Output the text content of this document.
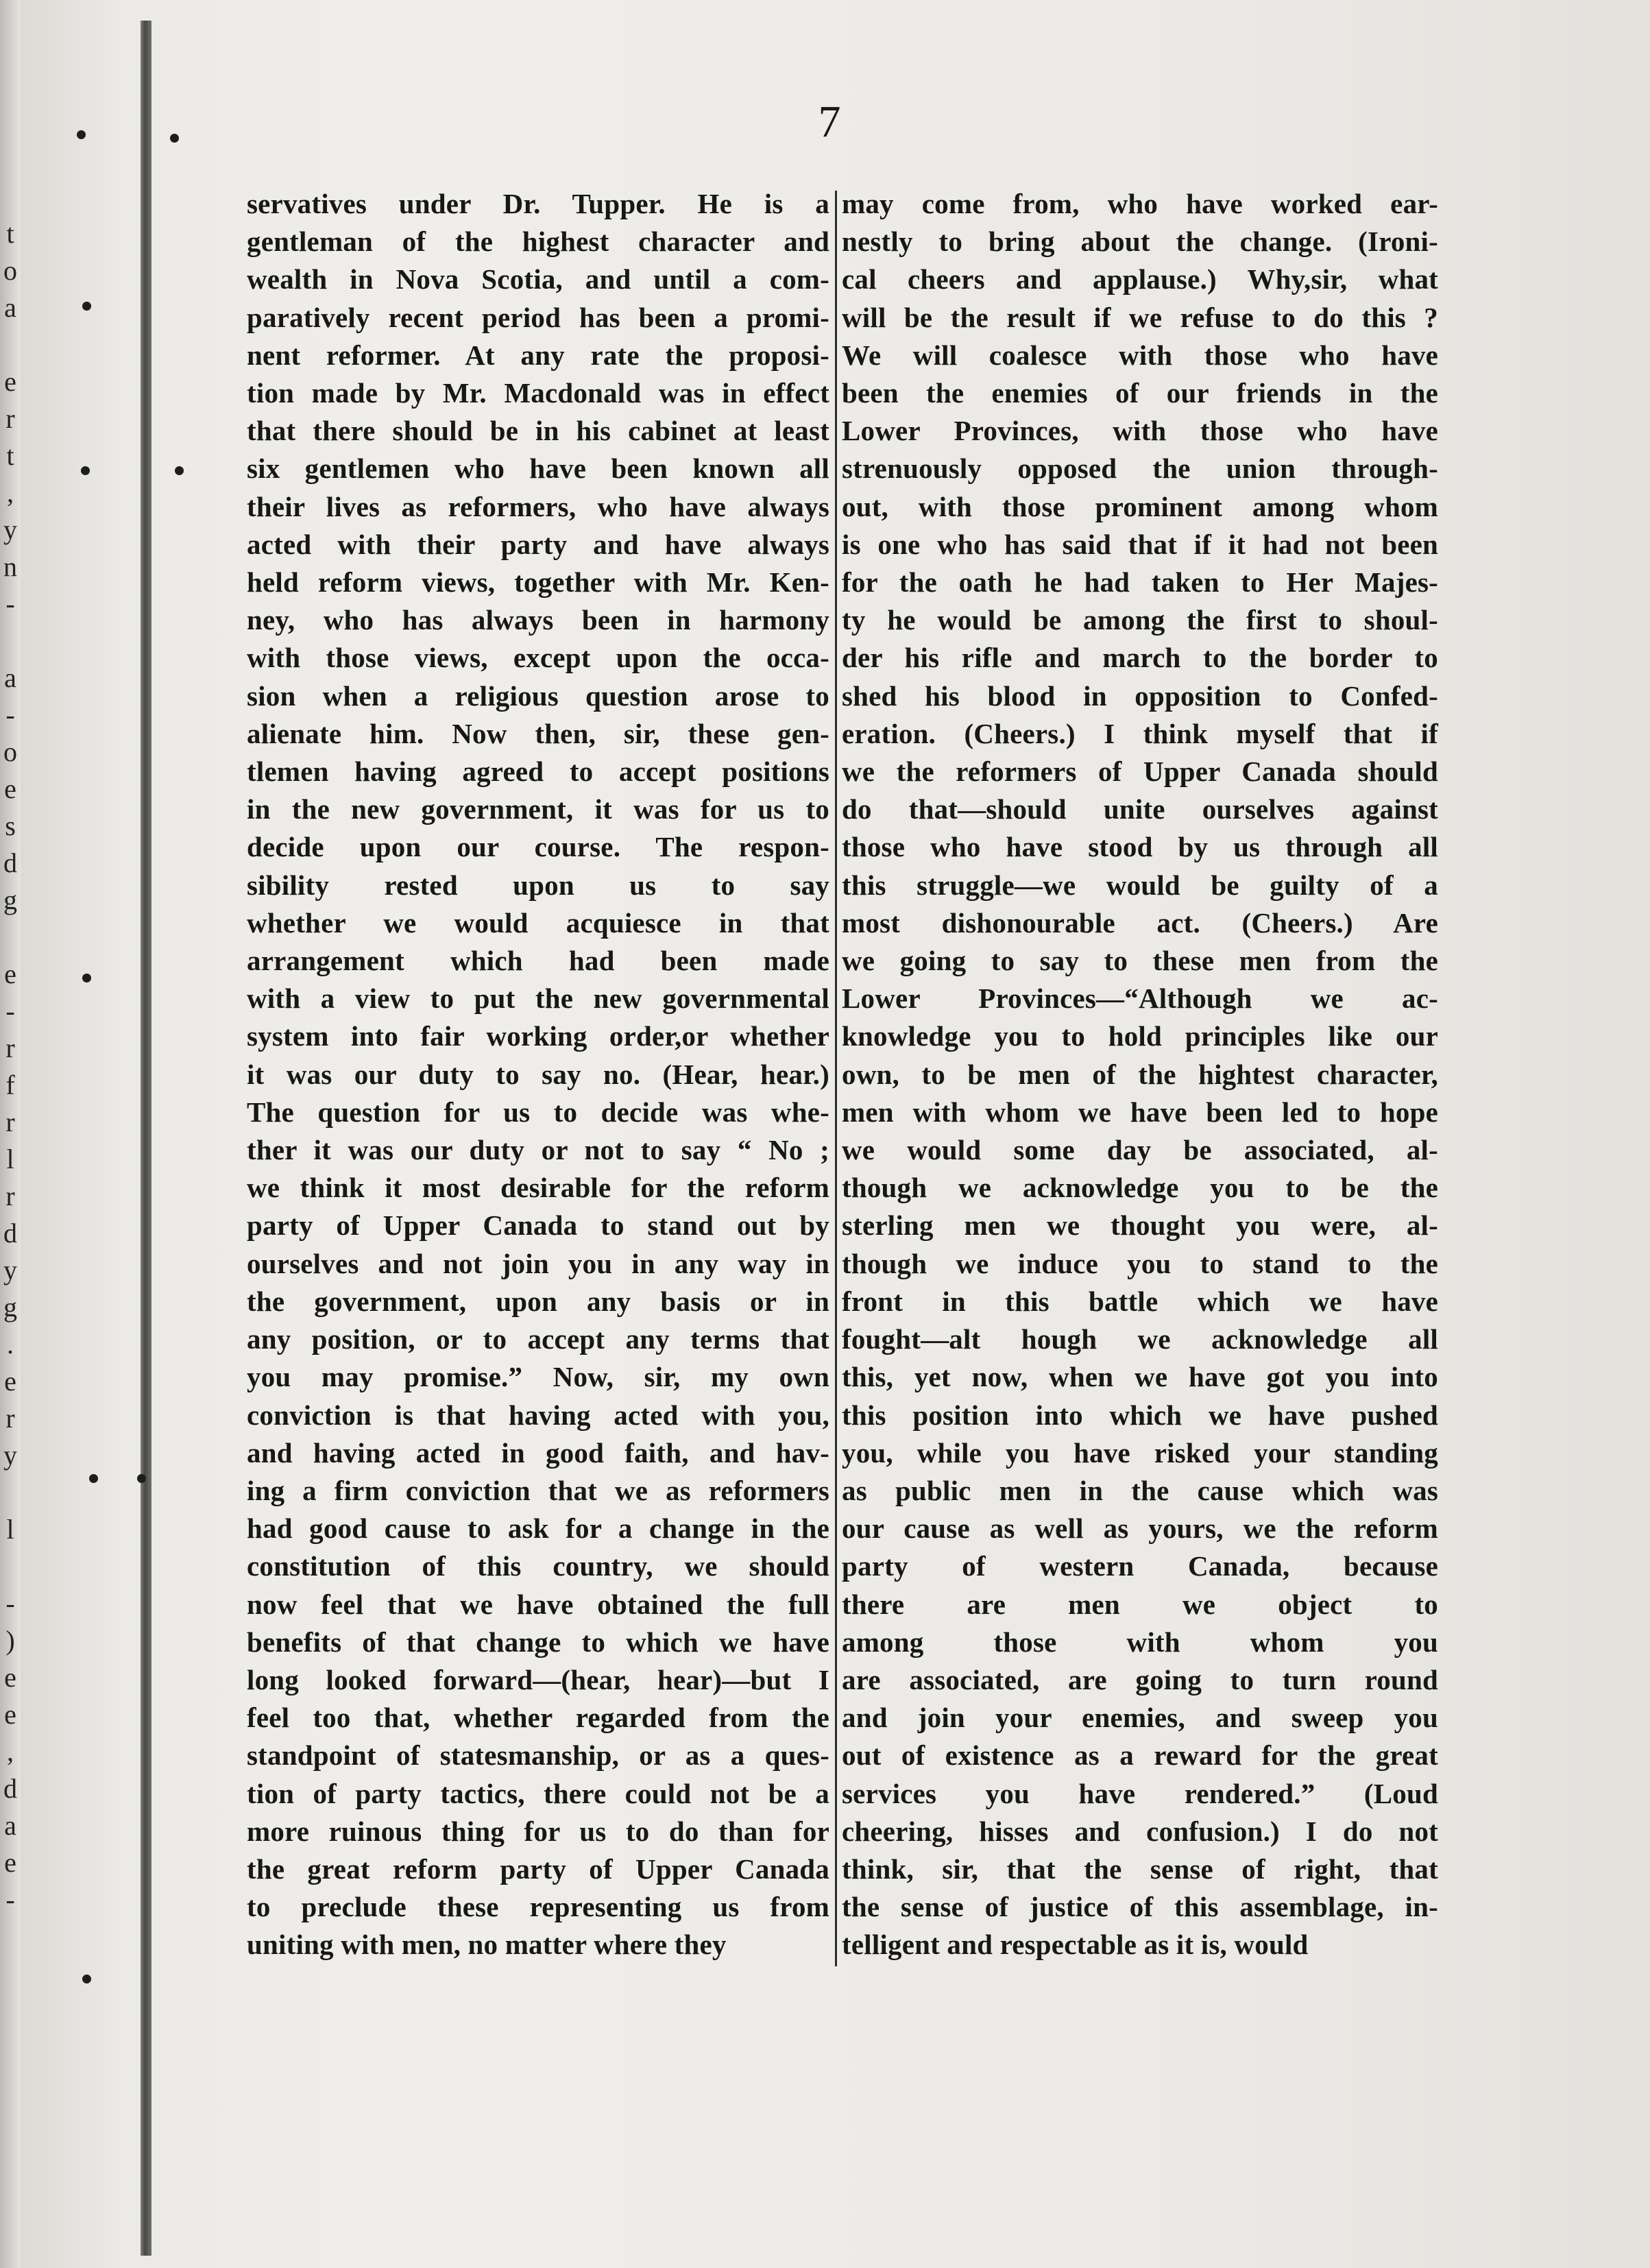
t
o
a

e
r
t
,
y
n
-

a
-
o
e
s
d
g

e
-
r
f
r
l
r
d
y
g
.
e
r
y

l

-
)
e
e
,
d
a
e
-
7
servatives under Dr. Tupper. He is a
gentleman of the highest character and
wealth in Nova Scotia, and until a com-
paratively recent period has been a promi-
nent reformer. At any rate the proposi-
tion made by Mr. Macdonald was in effect
that there should be in his cabinet at least
six gentlemen who have been known all
their lives as reformers, who have always
acted with their party and have always
held reform views, together with Mr. Ken-
ney, who has always been in harmony
with those views, except upon the occa-
sion when a religious question arose to
alienate him. Now then, sir, these gen-
tlemen having agreed to accept positions
in the new government, it was for us to
decide upon our course. The respon-
sibility rested upon us to say
whether we would acquiesce in that
arrangement which had been made
with a view to put the new governmental
system into fair working order,or whether
it was our duty to say no. (Hear, hear.)
The question for us to decide was whe-
ther it was our duty or not to say “ No ;
we think it most desirable for the reform
party of Upper Canada to stand out by
ourselves and not join you in any way in
the government, upon any basis or in
any position, or to accept any terms that
you may promise.” Now, sir, my own
conviction is that having acted with you,
and having acted in good faith, and hav-
ing a firm conviction that we as reformers
had good cause to ask for a change in the
constitution of this country, we should
now feel that we have obtained the full
benefits of that change to which we have
long looked forward—(hear, hear)—but I
feel too that, whether regarded from the
standpoint of statesmanship, or as a ques-
tion of party tactics, there could not be a
more ruinous thing for us to do than for
the great reform party of Upper Canada
to preclude these representing us from
uniting with men, no matter where they
may come from, who have worked ear-
nestly to bring about the change. (Ironi-
cal cheers and applause.) Why,sir, what
will be the result if we refuse to do this ?
We will coalesce with those who have
been the enemies of our friends in the
Lower Provinces, with those who have
strenuously opposed the union through-
out, with those prominent among whom
is one who has said that if it had not been
for the oath he had taken to Her Majes-
ty he would be among the first to shoul-
der his rifle and march to the border to
shed his blood in opposition to Confed-
eration. (Cheers.) I think myself that if
we the reformers of Upper Canada should
do that—should unite ourselves against
those who have stood by us through all
this struggle—we would be guilty of a
most dishonourable act. (Cheers.) Are
we going to say to these men from the
Lower Provinces—“Although we ac-
knowledge you to hold principles like our
own, to be men of the hightest character,
men with whom we have been led to hope
we would some day be associated, al-
though we acknowledge you to be the
sterling men we thought you were, al-
though we induce you to stand to the
front in this battle which we have
fought—alt hough we acknowledge all
this, yet now, when we have got you into
this position into which we have pushed
you, while you have risked your standing
as public men in the cause which was
our cause as well as yours, we the reform
party of western Canada, because
there are men we object to
among those with whom you
are associated, are going to turn round
and join your enemies, and sweep you
out of existence as a reward for the great
services you have rendered.” (Loud
cheering, hisses and confusion.) I do not
think, sir, that the sense of right, that
the sense of justice of this assemblage, in-
telligent and respectable as it is, would
